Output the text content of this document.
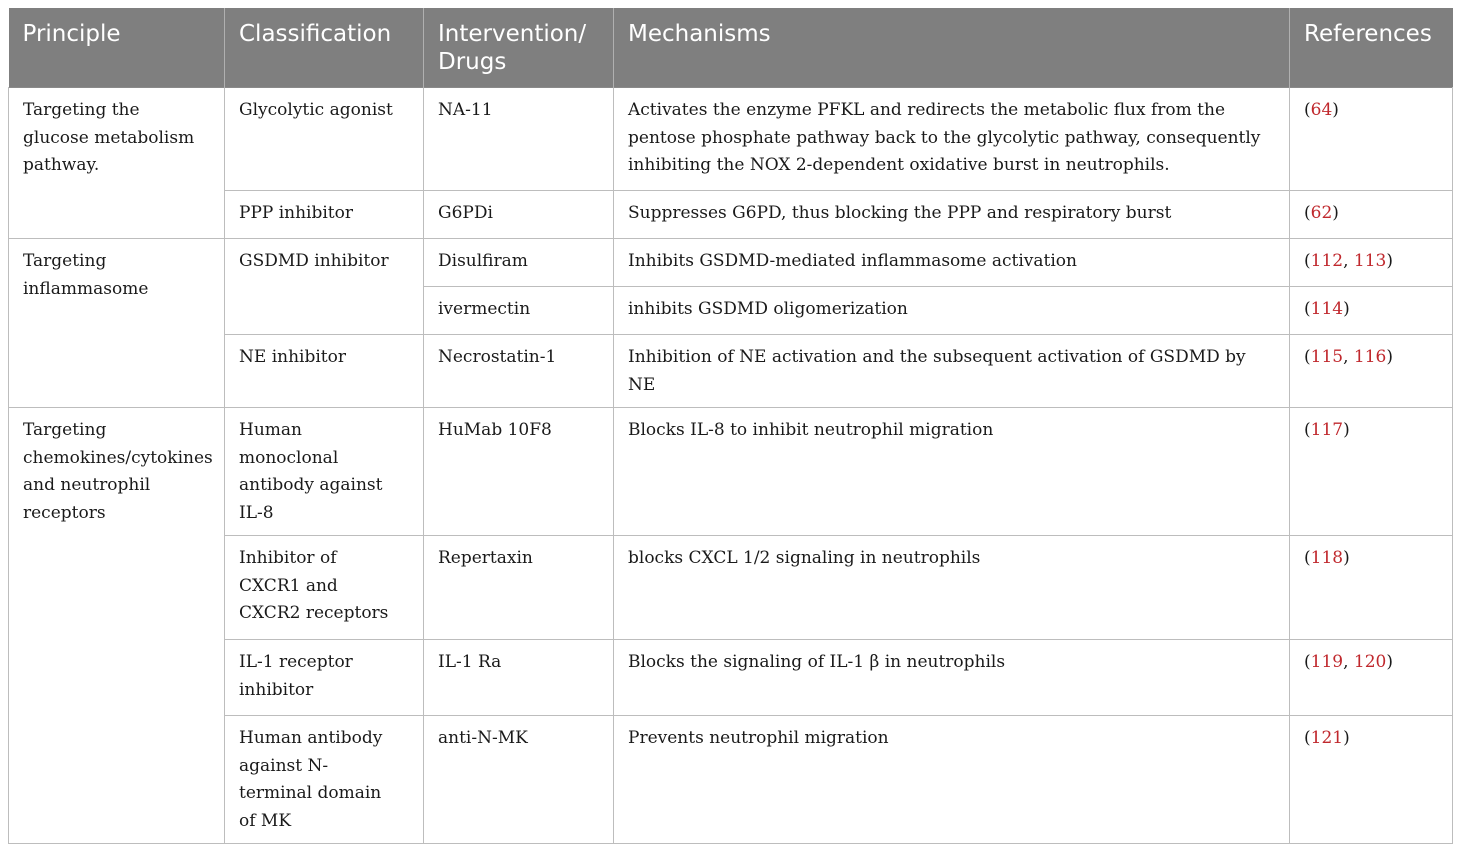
Principle	Classification	Intervention/ Drugs	Mechanisms	References
Targeting the glucose metabolism pathway.	Glycolytic agonist	NA-11	Activates the enzyme PFKL and redirects the metabolic flux from the pentose phosphate pathway back to the glycolytic pathway, consequently inhibiting the NOX 2-dependent oxidative burst in neutrophils.	(64)
	PPP inhibitor	G6PDi	Suppresses G6PD, thus blocking the PPP and respiratory burst	(62)

Targeting inflammasome	GSDMD inhibitor	Disulfiram	Inhibits GSDMD-mediated inflammasome activation	(112, 113)
		ivermectin	inhibits GSDMD oligomerization	(114)
	NE inhibitor	Necrostatin-1	Inhibition of NE activation and the subsequent activation of GSDMD by NE	(115, 116)

Targeting chemokines/cytokines and neutrophil receptors	Human monoclonal antibody against IL-8	HuMab 10F8	Blocks IL-8 to inhibit neutrophil migration	(117)

	Inhibitor of CXCR1 and CXCR2 receptors	Repertaxin	blocks CXCL 1/2 signaling in neutrophils	(118)

	IL-1 receptor inhibitor	IL-1 Ra	Blocks the signaling of IL-1 β in neutrophils	(119, 120)

	Human antibody against N-terminal domain of MK	anti-N-MK	Prevents neutrophil migration	(121)
